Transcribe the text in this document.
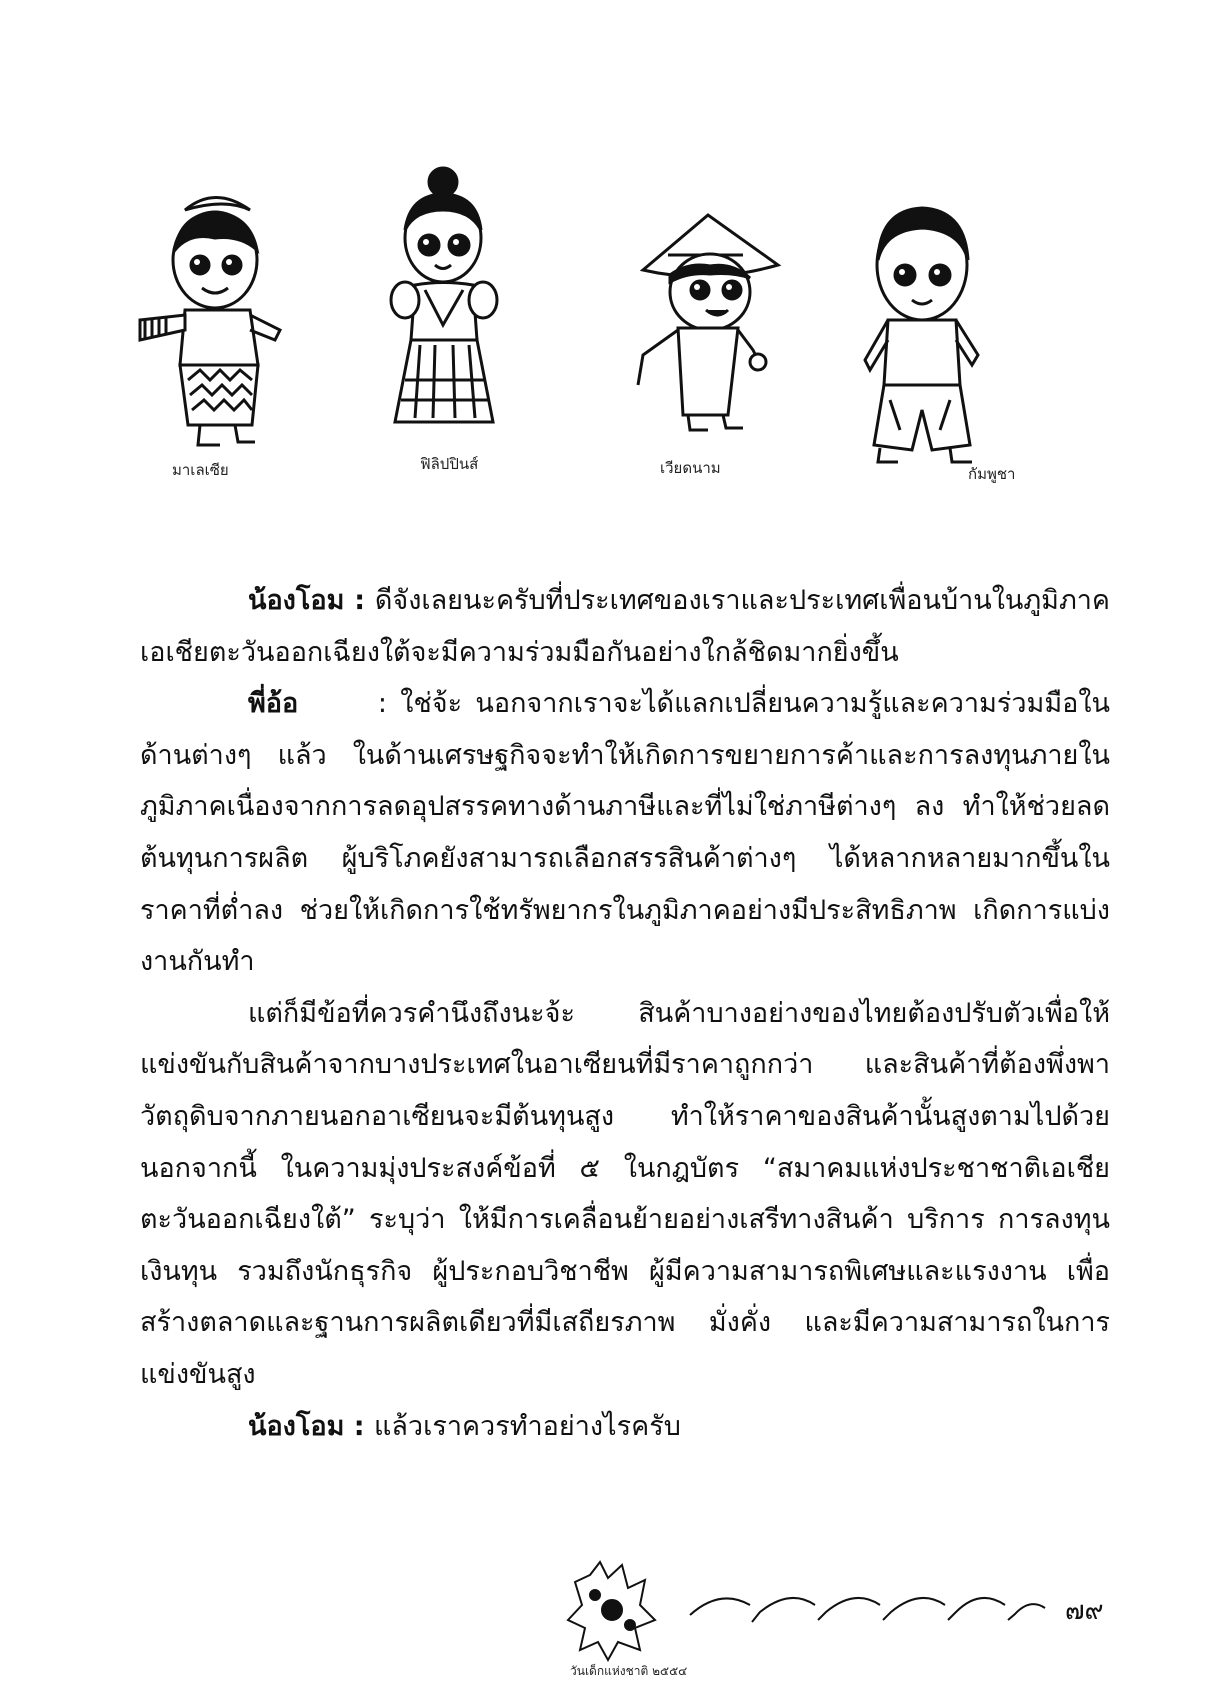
มาเลเซีย	ฟิลิปปินส์	เวียดนาม	กัมพูชา

น้องโอม : ดีจังเลยนะครับที่ประเทศของเราและประเทศเพื่อนบ้านในภูมิภาคเอเชียตะวันออกเฉียงใต้จะมีความร่วมมือกันอย่างใกล้ชิดมากยิ่งขึ้น

พี่อ้อ      : ใช่จ้ะ นอกจากเราจะได้แลกเปลี่ยนความรู้และความร่วมมือในด้านต่างๆ แล้ว ในด้านเศรษฐกิจจะทำให้เกิดการขยายการค้าและการลงทุนภายในภูมิภาคเนื่องจากการลดอุปสรรคทางด้านภาษีและที่ไม่ใช่ภาษีต่างๆ ลง ทำให้ช่วยลดต้นทุนการผลิต ผู้บริโภคยังสามารถเลือกสรรสินค้าต่างๆ ได้หลากหลายมากขึ้นในราคาที่ต่ำลง ช่วยให้เกิดการใช้ทรัพยากรในภูมิภาคอย่างมีประสิทธิภาพ เกิดการแบ่งงานกันทำ

แต่ก็มีข้อที่ควรคำนึงถึงนะจ้ะ สินค้าบางอย่างของไทยต้องปรับตัวเพื่อให้แข่งขันกับสินค้าจากบางประเทศในอาเซียนที่มีราคาถูกกว่า และสินค้าที่ต้องพึ่งพาวัตถุดิบจากภายนอกอาเซียนจะมีต้นทุนสูง ทำให้ราคาของสินค้านั้นสูงตามไปด้วย นอกจากนี้ ในความมุ่งประสงค์ข้อที่ ๕ ในกฎบัตร “สมาคมแห่งประชาชาติเอเชียตะวันออกเฉียงใต้” ระบุว่า ให้มีการเคลื่อนย้ายอย่างเสรีทางสินค้า บริการ การลงทุน เงินทุน รวมถึงนักธุรกิจ ผู้ประกอบวิชาชีพ ผู้มีความสามารถพิเศษและแรงงาน เพื่อสร้างตลาดและฐานการผลิตเดียวที่มีเสถียรภาพ มั่งคั่ง และมีความสามารถในการแข่งขันสูง

น้องโอม : แล้วเราควรทำอย่างไรครับ

๗๙
วันเด็กแห่งชาติ ๒๕๕๔
